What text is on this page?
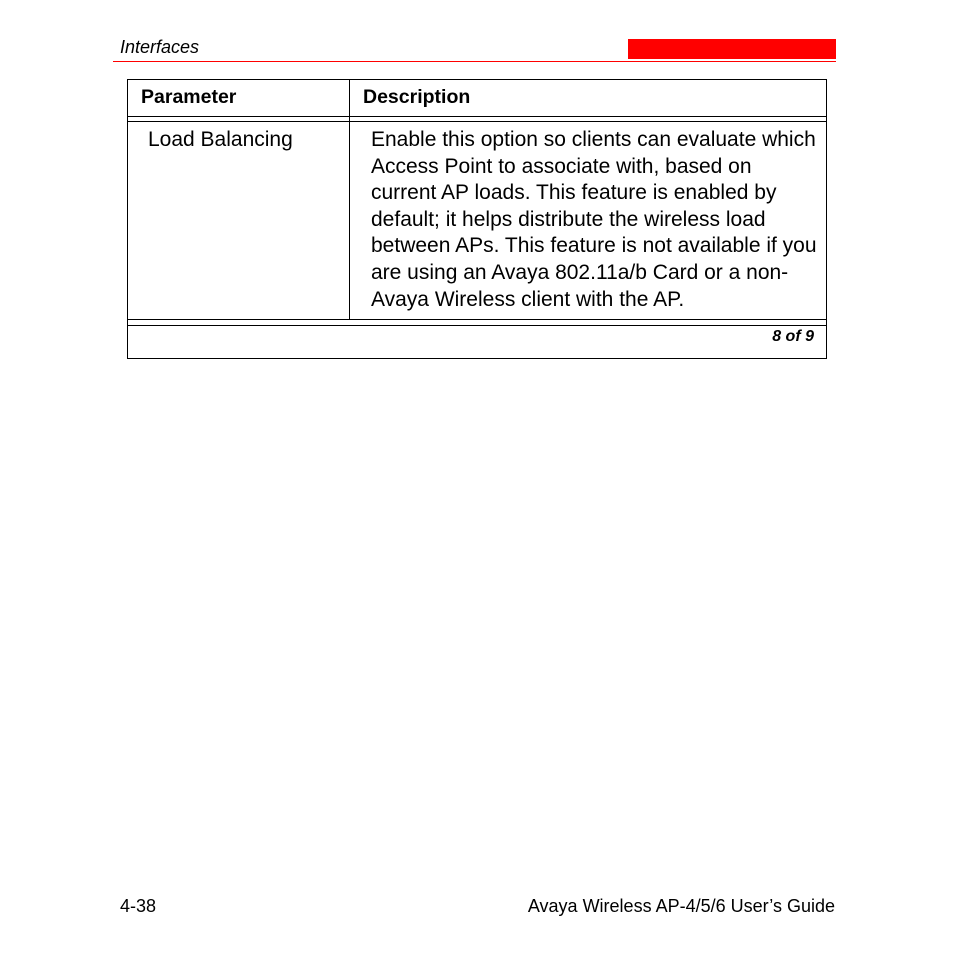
Interfaces
Parameter	Description
Load Balancing	Enable this option so clients can evaluate which Access Point to associate with, based on current AP loads. This feature is enabled by default; it helps distribute the wireless load between APs. This feature is not available if you are using an Avaya 802.11a/b Card or a non-Avaya Wireless client with the AP.
8 of 9
4-38	Avaya Wireless AP-4/5/6 User’s Guide
